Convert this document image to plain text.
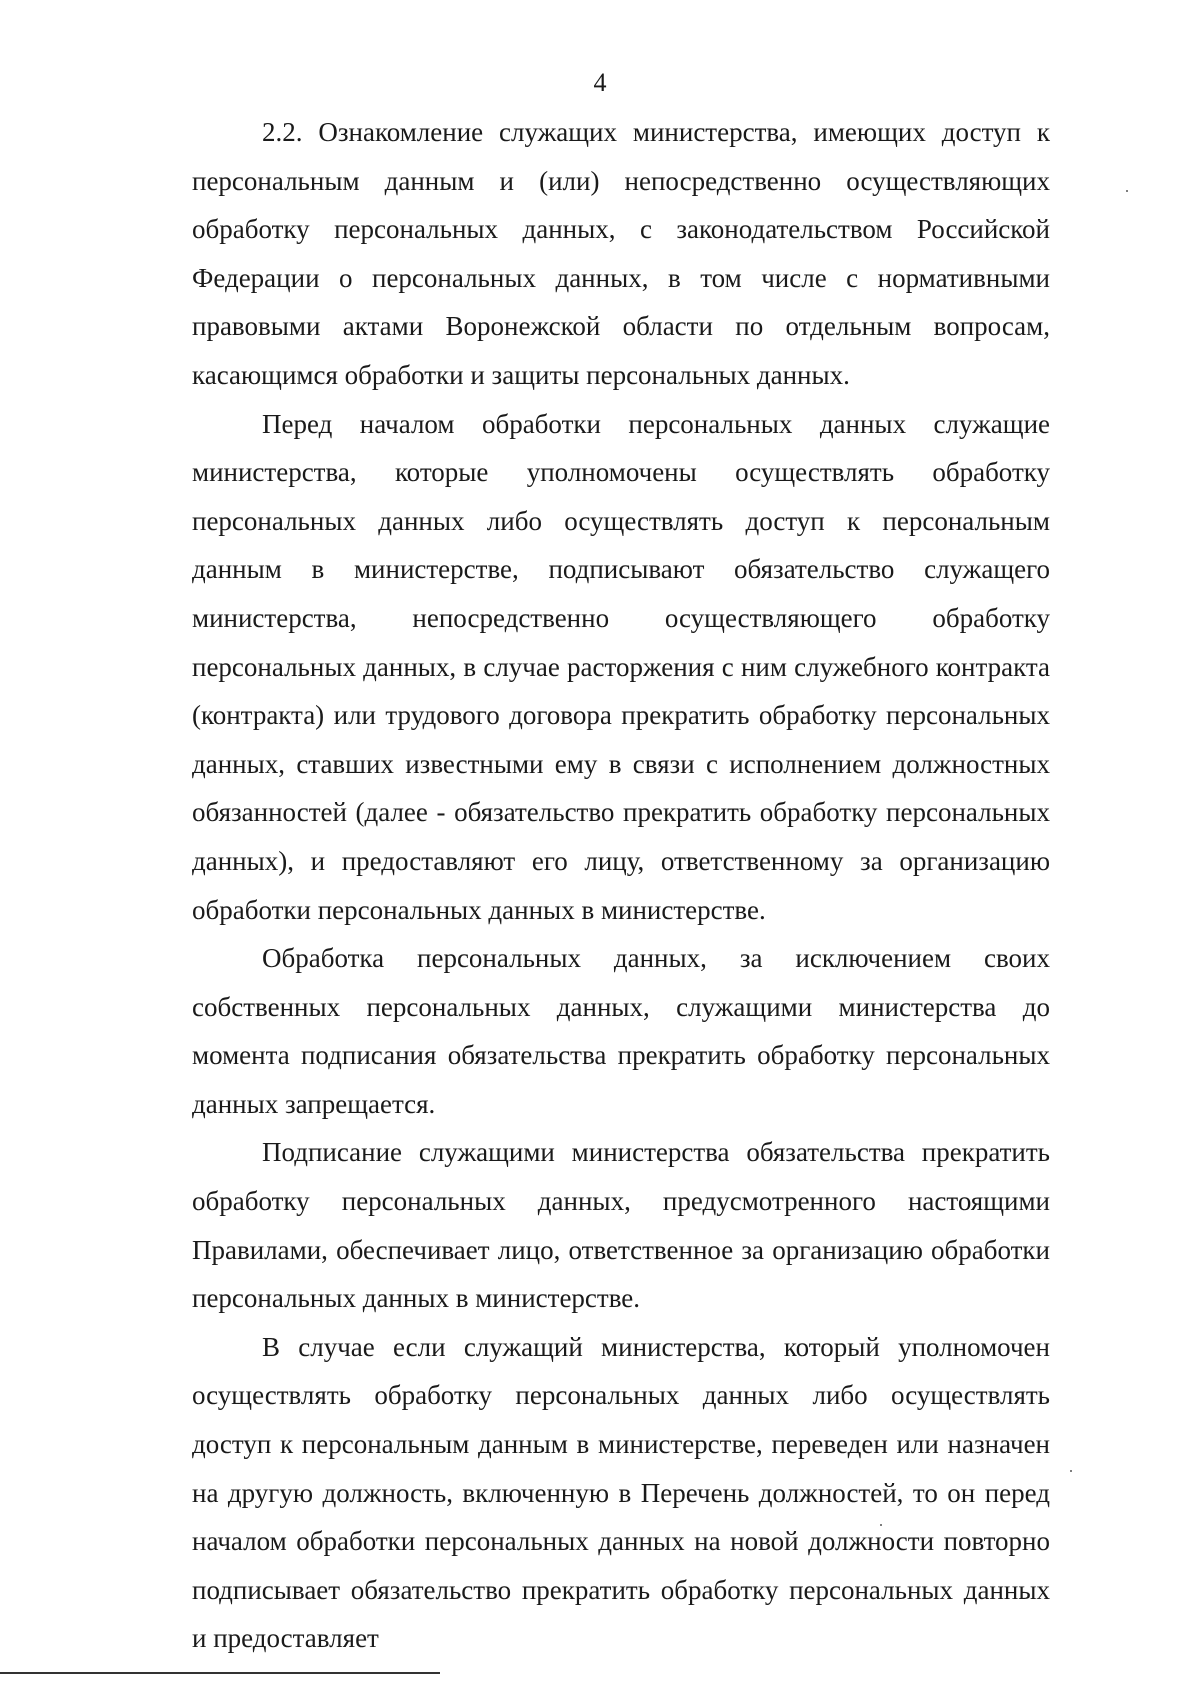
4

2.2. Ознакомление служащих министерства, имеющих доступ к персональным данным и (или) непосредственно осуществляющих обработку персональных данных, с законодательством Российской Федерации о персональных данных, в том числе с нормативными правовыми актами Воронежской области по отдельным вопросам, касающимся обработки и защиты персональных данных.

Перед началом обработки персональных данных служащие министерства, которые уполномочены осуществлять обработку персональных данных либо осуществлять доступ к персональным данным в министерстве, подписывают обязательство служащего министерства, непосредственно осуществляющего обработку персональных данных, в случае расторжения с ним служебного контракта (контракта) или трудового договора прекратить обработку персональных данных, ставших известными ему в связи с исполнением должностных обязанностей (далее - обязательство прекратить обработку персональных данных), и предоставляют его лицу, ответственному за организацию обработки персональных данных в министерстве.

Обработка персональных данных, за исключением своих собственных персональных данных, служащими министерства до момента подписания обязательства прекратить обработку персональных данных запрещается.

Подписание служащими министерства обязательства прекратить обработку персональных данных, предусмотренного настоящими Правилами, обеспечивает лицо, ответственное за организацию обработки персональных данных в министерстве.

В случае если служащий министерства, который уполномочен осуществлять обработку персональных данных либо осуществлять доступ к персональным данным в министерстве, переведен или назначен на другую должность, включенную в Перечень должностей, то он перед началом обработки персональных данных на новой должности повторно подписывает обязательство прекратить обработку персональных данных и предоставляет
